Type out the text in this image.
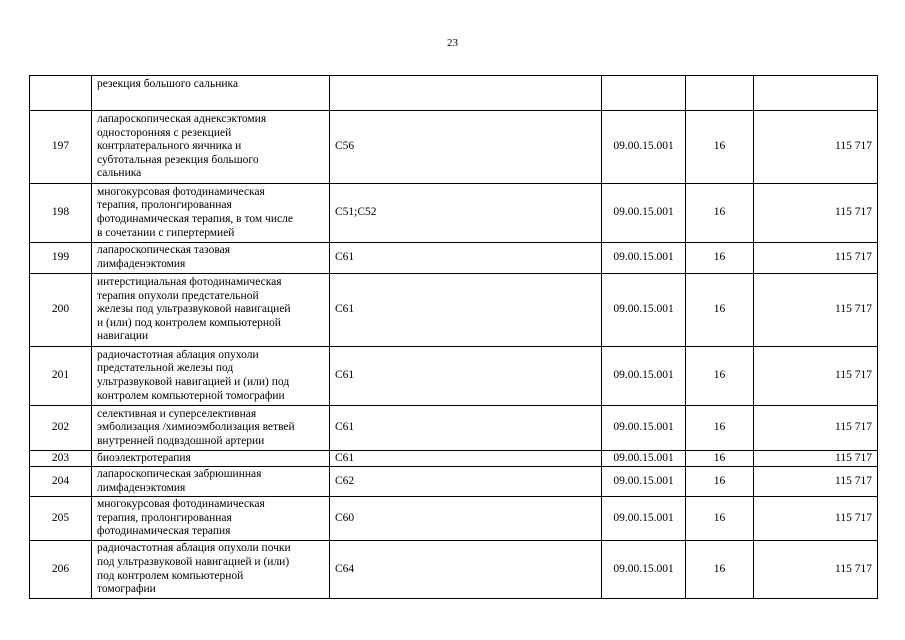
23

	резекция большого сальника				

197	лапароскопическая аднексэктомия
односторонняя с резекцией
контрлатерального яичника и
субтотальная резекция большого
сальника	C56	09.00.15.001	16	115 717
198	многокурсовая фотодинамическая
терапия, пролонгированная
фотодинамическая терапия, в том числе
в сочетании с гипертермией	C51;C52	09.00.15.001	16	115 717
199	лапароскопическая тазовая
лимфаденэктомия	C61	09.00.15.001	16	115 717
200	интерстициальная фотодинамическая
терапия опухоли предстательной
железы под ультразвуковой навигацией
и (или) под контролем компьютерной
навигации	C61	09.00.15.001	16	115 717
201	радиочастотная аблация опухоли
предстательной железы под
ультразвуковой навигацией и (или) под
контролем компьютерной томографии	C61	09.00.15.001	16	115 717
202	селективная и суперселективная
эмболизация /химиоэмболизация ветвей
внутренней подвздошной артерии	C61	09.00.15.001	16	115 717
203	биоэлектротерапия	C61	09.00.15.001	16	115 717
204	лапароскопическая забрюшинная
лимфаденэктомия	C62	09.00.15.001	16	115 717
205	многокурсовая фотодинамическая
терапия, пролонгированная
фотодинамическая терапия	C60	09.00.15.001	16	115 717
206	радиочастотная аблация опухоли почки
под ультразвуковой навигацией и (или)
под контролем компьютерной
томографии	C64	09.00.15.001	16	115 717
